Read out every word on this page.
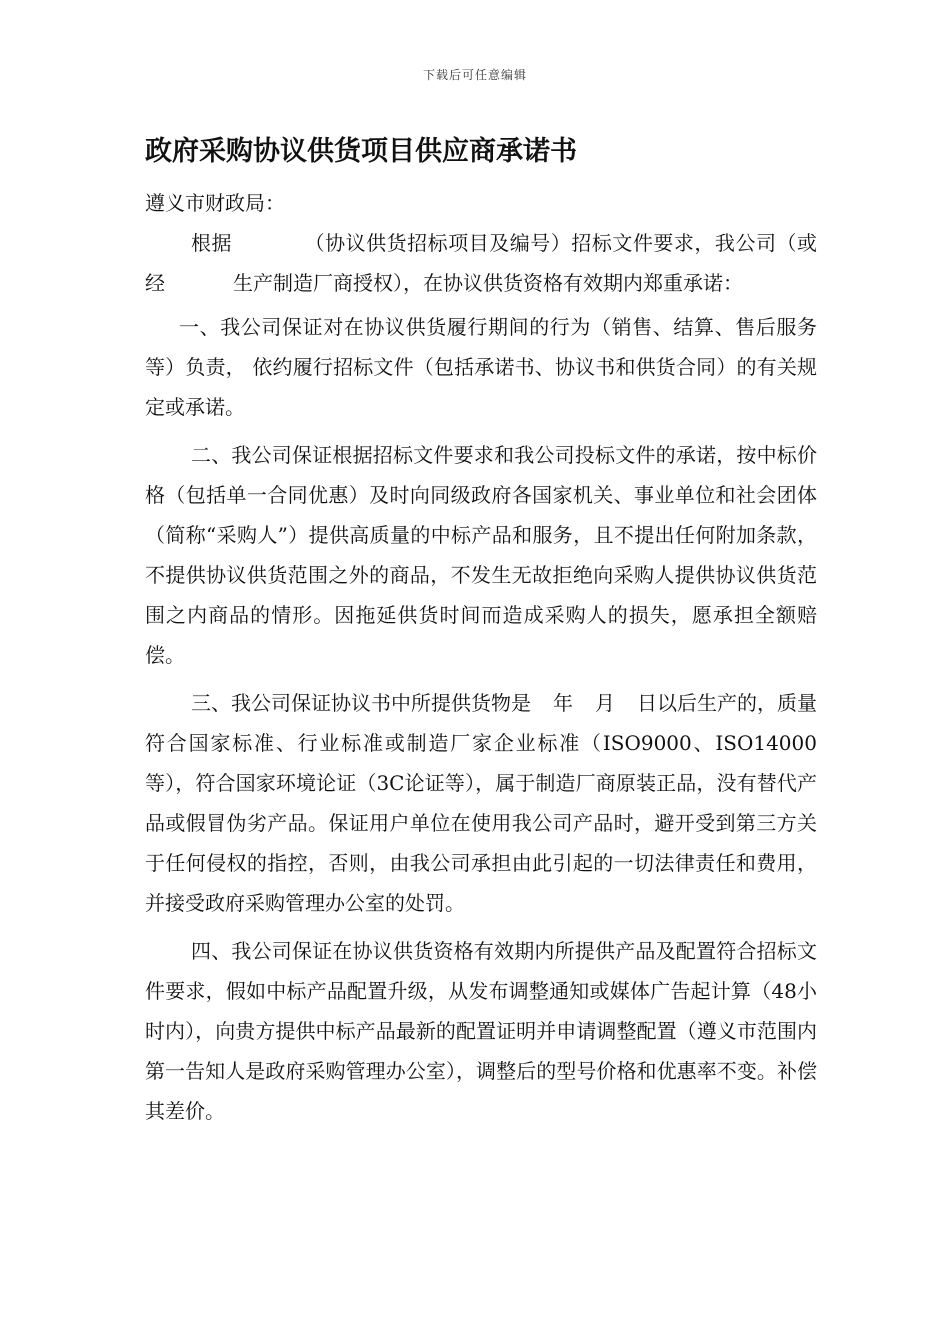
下载后可任意编辑
政府采购协议供货项目供应商承诺书

遵义市财政局：

根据	（协议供货招标项目及编号）招标文件要求，我公司（或经	生产制造厂商授权），在协议供货资格有效期内郑重承诺：

一、我公司保证对在协议供货履行期间的行为（销售、结算、售后服务等）负责， 依约履行招标文件（包括承诺书、协议书和供货合同）的有关规定或承诺。

二、我公司保证根据招标文件要求和我公司投标文件的承诺，按中标价格（包括单一合同优惠）及时向同级政府各国家机关、事业单位和社会团体（简称“采购人”）提供高质量的中标产品和服务，且不提出任何附加条款，不提供协议供货范围之外的商品，不发生无故拒绝向采购人提供协议供货范围之内商品的情形。因拖延供货时间而造成采购人的损失，愿承担全额赔偿。

三、我公司保证协议书中所提供货物是 年 月 日以后生产的，质量符合国家标准、行业标准或制造厂家企业标准（ISO9000、ISO14000等），符合国家环境论证（3C论证等），属于制造厂商原装正品，没有替代产品或假冒伪劣产品。保证用户单位在使用我公司产品时，避开受到第三方关于任何侵权的指控，否则，由我公司承担由此引起的一切法律责任和费用，并接受政府采购管理办公室的处罚。

四、我公司保证在协议供货资格有效期内所提供产品及配置符合招标文件要求，假如中标产品配置升级，从发布调整通知或媒体广告起计算（48小时内），向贵方提供中标产品最新的配置证明并申请调整配置（遵义市范围内第一告知人是政府采购管理办公室），调整后的型号价格和优惠率不变。补偿其差价。
